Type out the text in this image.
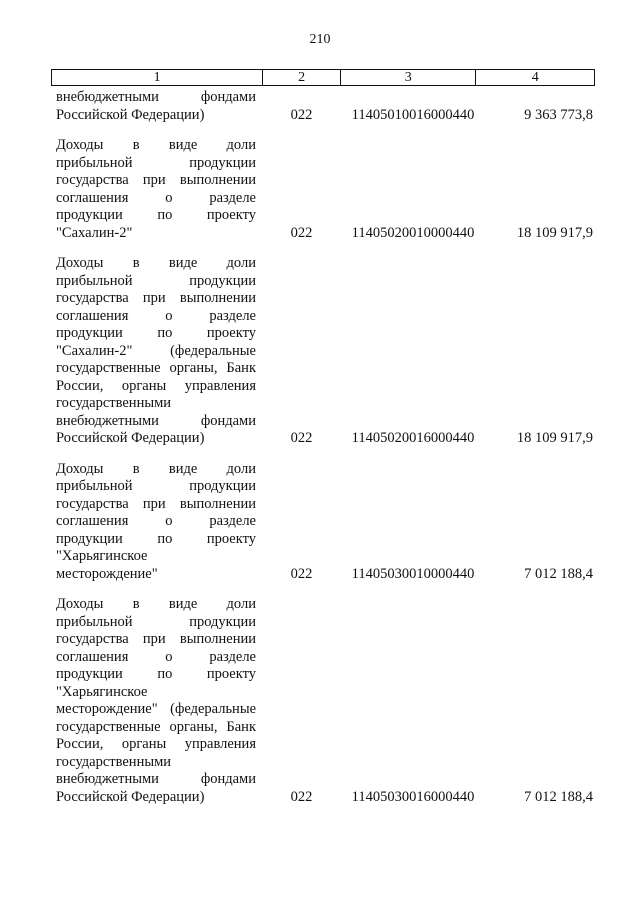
210
1	2	3	4
внебюджетными фондами
Российской Федерации)	022	11405010016000440	9 363 773,8
Доходы в виде доли
прибыльной продукции
государства при выполнении
соглашения о разделе
продукции по проекту
"Сахалин-2"	022	11405020010000440	18 109 917,9
Доходы в виде доли
прибыльной продукции
государства при выполнении
соглашения о разделе
продукции по проекту
"Сахалин-2" (федеральные
государственные органы, Банк
России, органы управления
государственными
внебюджетными фондами
Российской Федерации)	022	11405020016000440	18 109 917,9
Доходы в виде доли
прибыльной продукции
государства при выполнении
соглашения о разделе
продукции по проекту
"Харьягинское
месторождение"	022	11405030010000440	7 012 188,4
Доходы в виде доли
прибыльной продукции
государства при выполнении
соглашения о разделе
продукции по проекту
"Харьягинское
месторождение" (федеральные
государственные органы, Банк
России, органы управления
государственными
внебюджетными фондами
Российской Федерации)	022	11405030016000440	7 012 188,4
